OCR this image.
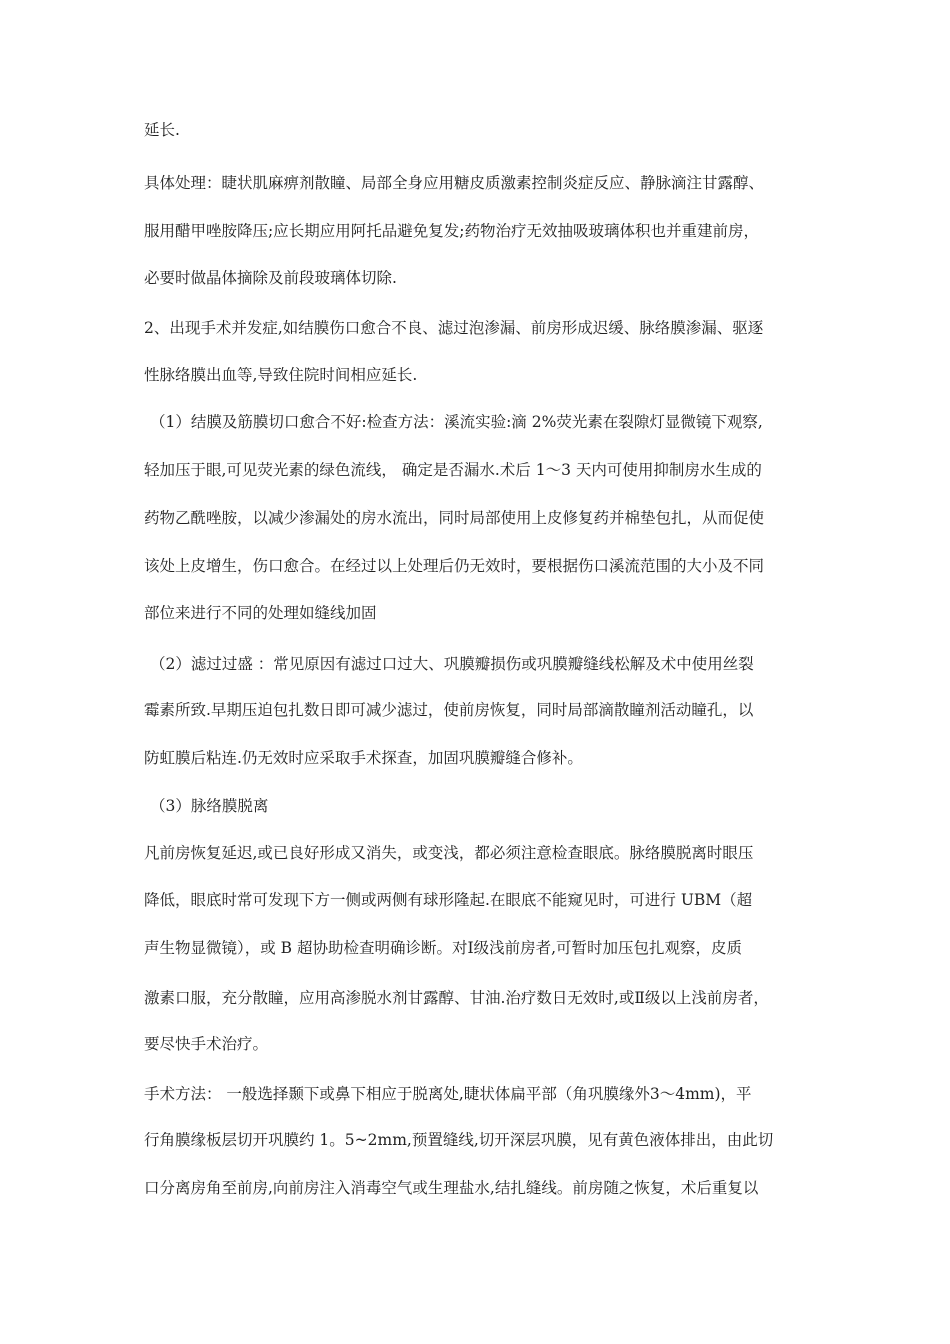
延长.
具体处理：睫状肌麻痹剂散瞳、局部全身应用糖皮质激素控制炎症反应、静脉滴注甘露醇、
服用醋甲唑胺降压;应长期应用阿托品避免复发;药物治疗无效抽吸玻璃体积也并重建前房，
必要时做晶体摘除及前段玻璃体切除.
2、出现手术并发症,如结膜伤口愈合不良、滤过泡渗漏、前房形成迟缓、脉络膜渗漏、驱逐
性脉络膜出血等,导致住院时间相应延长.
（1）结膜及筋膜切口愈合不好:检查方法：溪流实验:滴 2%荧光素在裂隙灯显微镜下观察,
轻加压于眼,可见荧光素的绿色流线， 确定是否漏水.术后 1～3 天内可使用抑制房水生成的
药物乙酰唑胺，以减少渗漏处的房水流出，同时局部使用上皮修复药并棉垫包扎，从而促使
该处上皮增生，伤口愈合。在经过以上处理后仍无效时，要根据伤口溪流范围的大小及不同
部位来进行不同的处理如缝线加固
（2）滤过过盛 ：常见原因有滤过口过大、巩膜瓣损伤或巩膜瓣缝线松解及术中使用丝裂
霉素所致.早期压迫包扎数日即可减少滤过，使前房恢复，同时局部滴散瞳剂活动瞳孔，以
防虹膜后粘连.仍无效时应采取手术探查，加固巩膜瓣缝合修补。
（3）脉络膜脱离
凡前房恢复延迟,或已良好形成又消失，或变浅，都必须注意检查眼底。脉络膜脱离时眼压
降低，眼底时常可发现下方一侧或两侧有球形隆起.在眼底不能窥见时，可进行 UBM（超
声生物显微镜），或 B 超协助检查明确诊断。对Ⅰ级浅前房者,可暂时加压包扎观察，皮质
激素口服，充分散瞳，应用高渗脱水剂甘露醇、甘油.治疗数日无效时,或Ⅱ级以上浅前房者，
要尽快手术治疗。
手术方法： 一般选择颞下或鼻下相应于脱离处,睫状体扁平部（角巩膜缘外3～4mm)，平
行角膜缘板层切开巩膜约 1。5~2mm,预置缝线,切开深层巩膜，见有黄色液体排出，由此切
口分离房角至前房,向前房注入消毒空气或生理盐水,结扎缝线。前房随之恢复，术后重复以
